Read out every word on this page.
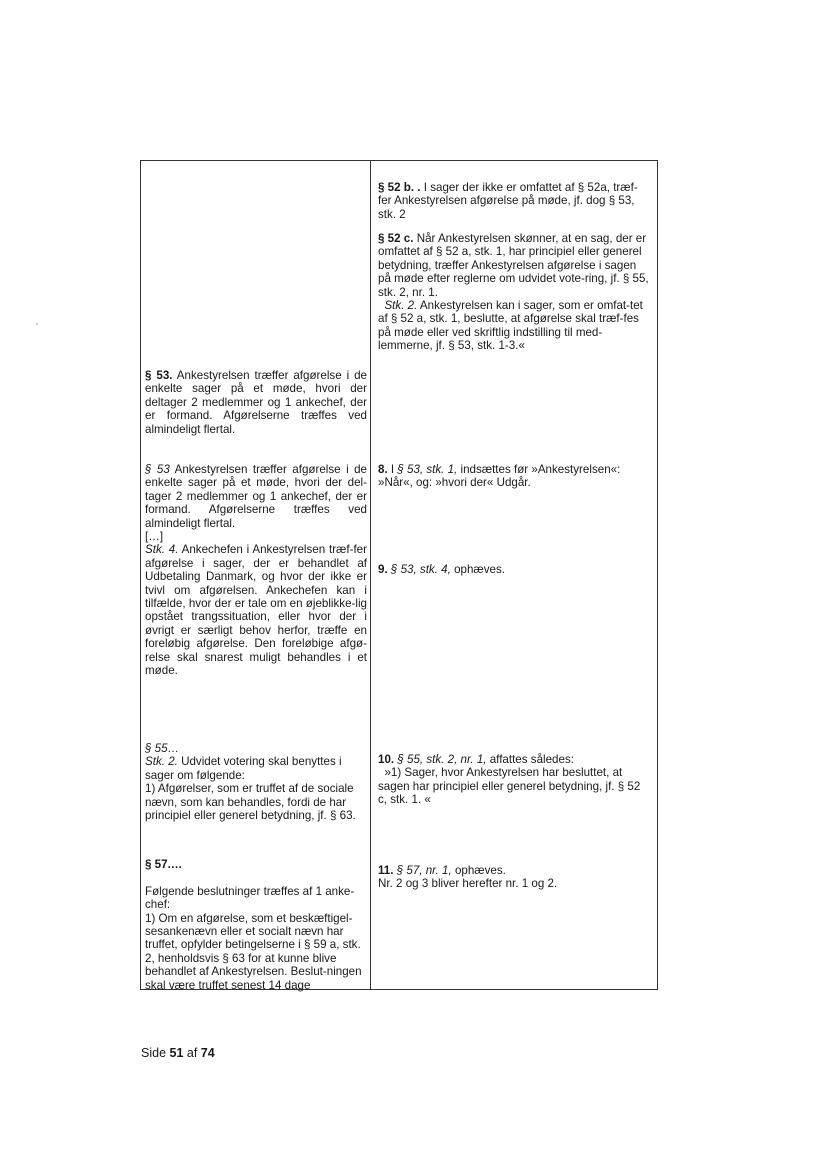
§ 52 b. . I sager der ikke er omfattet af § 52a, træf-fer Ankestyrelsen afgørelse på møde, jf. dog § 53, stk. 2

§ 52 c. Når Ankestyrelsen skønner, at en sag, der er omfattet af § 52 a, stk. 1, har principiel eller generel betydning, træffer Ankestyrelsen afgørelse i sagen på møde efter reglerne om udvidet vote-ring, jf. § 55, stk. 2, nr. 1.
Stk. 2. Ankestyrelsen kan i sager, som er omfat-tet af § 52 a, stk. 1, beslutte, at afgørelse skal træf-fes på møde eller ved skriftlig indstilling til med-lemmerne, jf. § 53, stk. 1-3.«

8. I § 53, stk. 1, indsættes før »Ankestyrelsen«: »Når«, og: »hvori der« Udgår.

9. § 53, stk. 4, ophæves.

10. § 55, stk. 2, nr. 1, affattes således:
»1) Sager, hvor Ankestyrelsen har besluttet, at sagen har principiel eller generel betydning, jf. § 52 c, stk. 1. «

11. § 57, nr. 1, ophæves.
Nr. 2 og 3 bliver herefter nr. 1 og 2.

§ 53. Ankestyrelsen træffer afgørelse i de enkelte sager på et møde, hvori der deltager 2 medlemmer og 1 ankechef, der er formand. Afgørelserne træffes ved almindeligt flertal.

§ 53 Ankestyrelsen træffer afgørelse i de enkelte sager på et møde, hvori der del-tager 2 medlemmer og 1 ankechef, der er formand. Afgørelserne træffes ved almindeligt flertal.
[…]
Stk. 4. Ankechefen i Ankestyrelsen træf-fer afgørelse i sager, der er behandlet af Udbetaling Danmark, og hvor der ikke er tvivl om afgørelsen. Ankechefen kan i tilfælde, hvor der er tale om en øjeblikke-lig opstået trangssituation, eller hvor der i øvrigt er særligt behov herfor, træffe en foreløbig afgørelse. Den foreløbige afgø-relse skal snarest muligt behandles i et møde.

§ 55…
Stk. 2. Udvidet votering skal benyttes i sager om følgende:
1) Afgørelser, som er truffet af de sociale nævn, som kan behandles, fordi de har principiel eller generel betydning, jf. § 63.

§ 57.…

Følgende beslutninger træffes af 1 anke-chef:
1) Om en afgørelse, som et beskæftigel-sesankenævn eller et socialt nævn har truffet, opfylder betingelserne i § 59 a, stk. 2, henholdsvis § 63 for at kunne blive behandlet af Ankestyrelsen. Beslut-ningen skal være truffet senest 14 dage

Side 51 af 74
